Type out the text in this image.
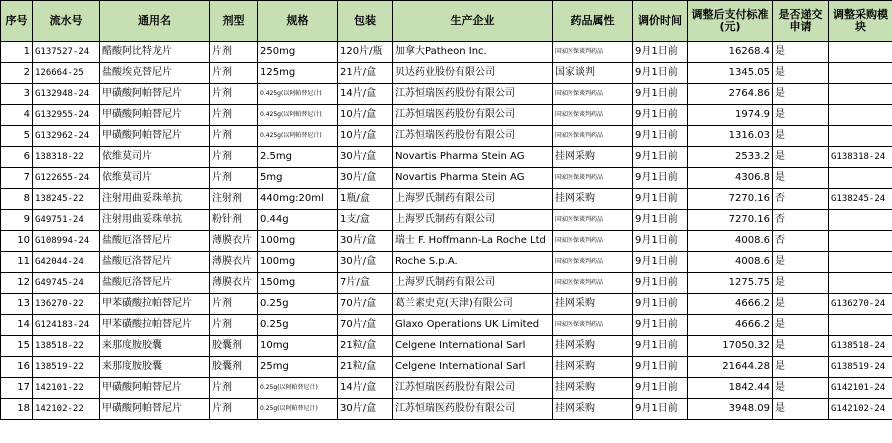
序号	流水号	通用名	剂型	规格	包装	生产企业	药品属性	调价时间	调整后支付标准(元)	是否递交申请	调整采购模块
1	G137527-24	醋酸阿比特龙片	片剂	250mg	120片/瓶	加拿大Patheon Inc.	国家医保谈判药品	9月1日前	16268.4	是	
2	126664-25	盐酸埃克替尼片	片剂	125mg	21片/盒	贝达药业股份有限公司	国家谈判	9月1日前	1345.05	是	
3	G132948-24	甲磺酸阿帕替尼片	片剂	0.425g(以阿帕替尼计)	14片/盒	江苏恒瑞医药股份有限公司	国家医保谈判药品	9月1日前	2764.86	是	
4	G132955-24	甲磺酸阿帕替尼片	片剂	0.425g(以阿帕替尼计)	10片/盒	江苏恒瑞医药股份有限公司	国家医保谈判药品	9月1日前	1974.9	是	
5	G132962-24	甲磺酸阿帕替尼片	片剂	0.425g(以阿帕替尼计)	10片/盒	江苏恒瑞医药股份有限公司	国家医保谈判药品	9月1日前	1316.03	是	
6	138318-22	依维莫司片	片剂	2.5mg	30片/盒	Novartis Pharma Stein AG	挂网采购	9月1日前	2533.2	是	G138318-24
7	G122655-24	依维莫司片	片剂	5mg	30片/盒	Novartis Pharma Stein AG	国家医保谈判药品	9月1日前	4306.8	是	
8	138245-22	注射用曲妥珠单抗	注射剂	440mg:20ml	1瓶/盒	上海罗氏制药有限公司	挂网采购	9月1日前	7270.16	否	G138245-24
9	G49751-24	注射用曲妥珠单抗	粉针剂	0.44g	1支/盒	上海罗氏制药有限公司	国家医保谈判药品	9月1日前	7270.16	否	
10	G108994-24	盐酸厄洛替尼片	薄膜衣片	100mg	30片/盒	瑞士 F. Hoffmann-La Roche Ltd	国家医保谈判药品	9月1日前	4008.6	否	
11	G42044-24	盐酸厄洛替尼片	薄膜衣片	100mg	30片/盒	Roche S.p.A.	国家医保谈判药品	9月1日前	4008.6	是	
12	G49745-24	盐酸厄洛替尼片	薄膜衣片	150mg	7片/盒	上海罗氏制药有限公司	国家医保谈判药品	9月1日前	1275.75	是	
13	136270-22	甲苯磺酸拉帕替尼片	片剂	0.25g	70片/盒	葛兰素史克(天津)有限公司	挂网采购	9月1日前	4666.2	是	G136270-24
14	G124183-24	甲苯磺酸拉帕替尼片	片剂	0.25g	70片/盒	Glaxo Operations UK Limited	国家医保谈判药品	9月1日前	4666.2	是	
15	138518-22	来那度胺胶囊	胶囊剂	10mg	21粒/盒	Celgene International Sarl	挂网采购	9月1日前	17050.32	是	G138518-24
16	138519-22	来那度胺胶囊	胶囊剂	25mg	21粒/盒	Celgene International Sarl	挂网采购	9月1日前	21644.28	是	G138519-24
17	142101-22	甲磺酸阿帕替尼片	片剂	0.25g(以阿帕替尼计)	14片/盒	江苏恒瑞医药股份有限公司	挂网采购	9月1日前	1842.44	是	G142101-24
18	142102-22	甲磺酸阿帕替尼片	片剂	0.25g(以阿帕替尼计)	30片/盒	江苏恒瑞医药股份有限公司	挂网采购	9月1日前	3948.09	是	G142102-24
